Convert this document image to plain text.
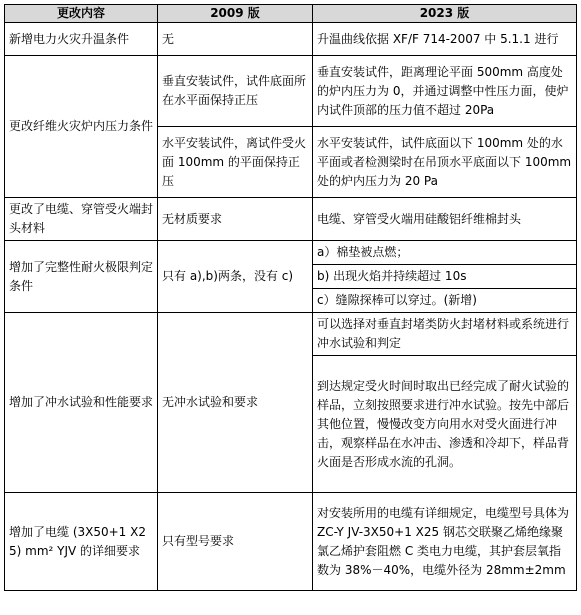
更改内容	2009 版	2023 版
新增电力火灾升温条件	无	升温曲线依据 XF/F 714-2007 中 5.1.1 进行
更改纤维火灾炉内压力条件	垂直安装试件，试件底面所在水平面保持正压	垂直安装试件，距离理论平面 500mm 高度处的炉内压力为 0，并通过调整中性压力面，使炉内试件顶部的压力值不超过 20Pa
	水平安装试件，离试件受火面 100mm 的平面保持正压	水平安装试件，试件底面以下 100mm 处的水平面或者检测梁时在吊顶水平底面以下 100mm 处的炉内压力为 20 Pa
更改了电缆、穿管受火端封头材料	无材质要求	电缆、穿管受火端用硅酸铝纤维棉封头
增加了完整性耐火极限判定条件	只有 a),b)两条，没有 c)	a）棉垫被点燃；
		b) 出现火焰并持续超过 10s
		c）缝隙探棒可以穿过。(新增)
增加了冲水试验和性能要求	无冲水试验和要求	可以选择对垂直封堵类防火封堵材料或系统进行冲水试验和判定
		到达规定受火时间时取出已经完成了耐火试验的样品，立刻按照要求进行冲水试验。按先中部后其他位置，慢慢改变方向用水对受火面进行冲击，观察样品在水冲击、渗透和冷却下，样品背火面是否形成水流的孔洞。
增加了电缆 (3X50+1 X25) mm² YJV 的详细要求	只有型号要求	对安装所用的电缆有详细规定，电缆型号具体为 ZC-Y JV-3X50+1 X25 钢芯交联聚乙烯绝缘聚氯乙烯护套阻燃 C 类电力电缆，其护套层氧指数为 38%－40%，电缆外径为 28mm±2mm
